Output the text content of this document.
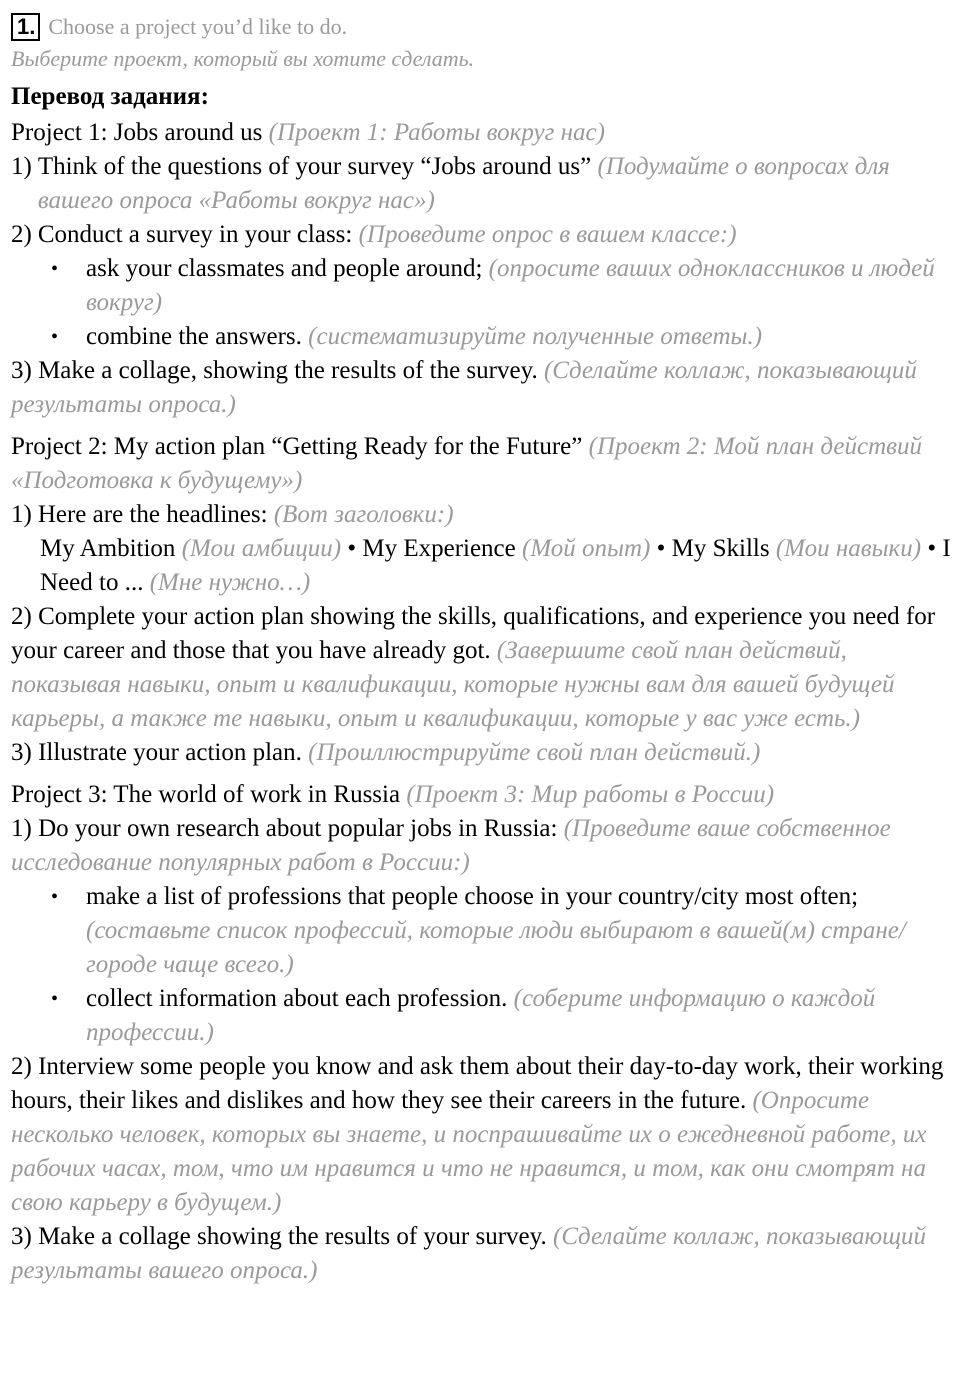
1. Choose a project you’d like to do.
Выберите проект, который вы хотите сделать.
Перевод задания:

Project 1: Jobs around us (Проект 1: Работы вокруг нас)

1) Think of the questions of your survey “Jobs around us” (Подумайте о вопросах для вашего опроса «Работы вокруг нас»)
2) Conduct a survey in your class: (Проведите опрос в вашем классе:)
•	ask your classmates and people around; (опросите ваших одноклассников и людей вокруг)
•	combine the answers. (систематизируйте полученные ответы.)

3) Make a collage, showing the results of the survey. (Сделайте коллаж, показывающий результаты опроса.)

Project 2: My action plan “Getting Ready for the Future” (Проект 2: Мой план действий «Подготовка к будущему»)

1) Here are the headlines: (Вот заголовки:)

My Ambition (Мои амбиции) • My Experience (Мой опыт) • My Skills (Мои навыки) • I Need to ... (Мне нужно…)

2) Complete your action plan showing the skills, qualifications, and experience you need for your career and those that you have already got. (Завершите свой план действий, показывая навыки, опыт и квалификации, которые нужны вам для вашей будущей карьеры, а также те навыки, опыт и квалификации, которые у вас уже есть.)

3) Illustrate your action plan. (Проиллюстрируйте свой план действий.)

Project 3: The world of work in Russia (Проект 3: Мир работы в России)

1) Do your own research about popular jobs in Russia: (Проведите ваше собственное исследование популярных работ в России:)

•	make a list of professions that people choose in your country/city most often; (составьте список профессий, которые люди выбирают в вашей(м) стране/городе чаще всего.)
•	collect information about each profession. (соберите информацию о каждой профессии.)

2) Interview some people you know and ask them about their day-to-day work, their working hours, their likes and dislikes and how they see their careers in the future. (Опросите несколько человек, которых вы знаете, и поспрашивайте их о ежедневной работе, их рабочих часах, том, что им нравится и что не нравится, и том, как они смотрят на свою карьеру в будущем.)

3) Make a collage showing the results of your survey. (Сделайте коллаж, показывающий результаты вашего опроса.)
